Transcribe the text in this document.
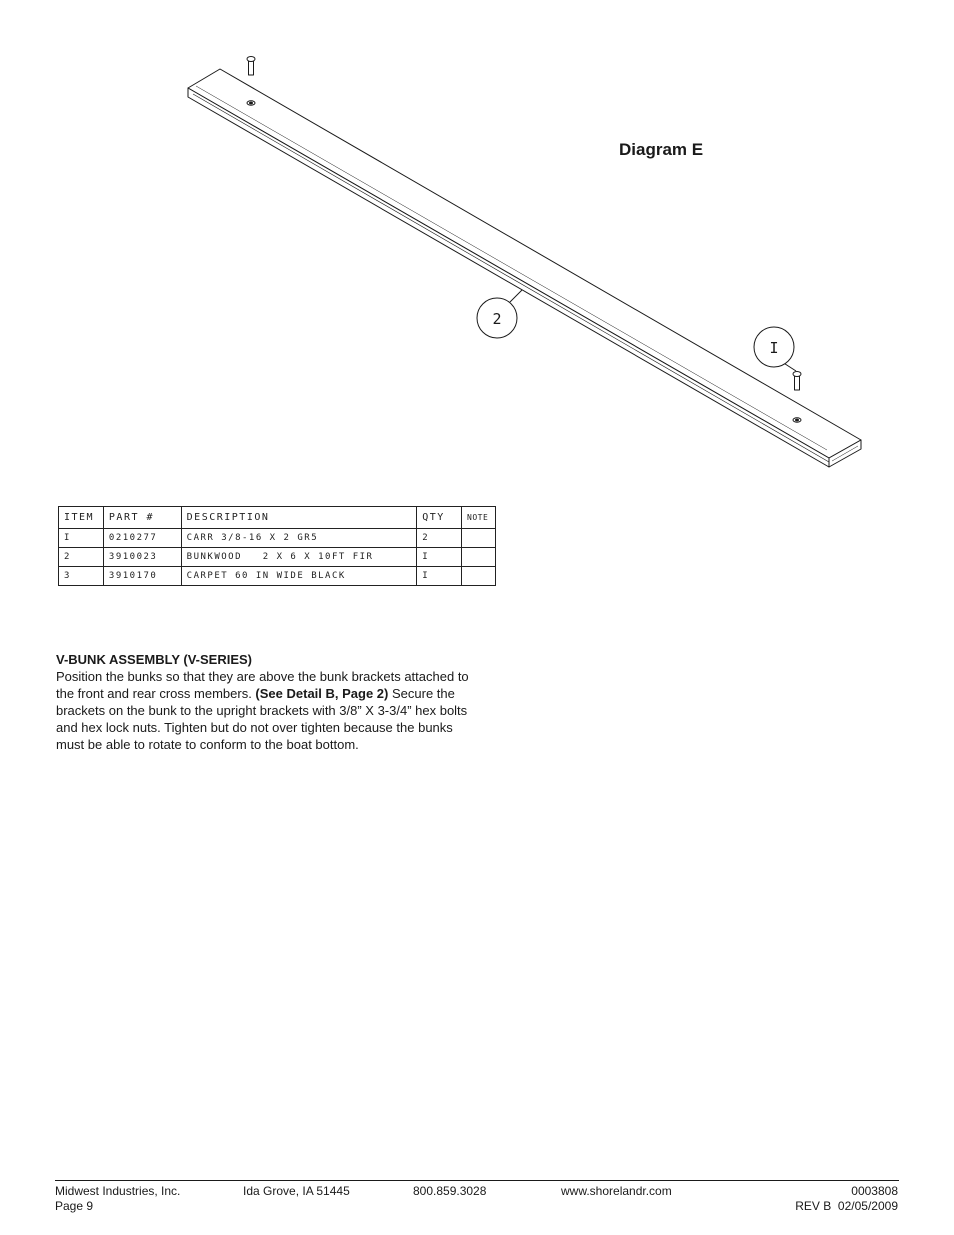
2
I
Diagram E
ITEM	PART #	DESCRIPTION	QTY	NOTE
I	0210277	CARR 3/8-16 X 2 GR5	2	
2	3910023	BUNKWOOD   2 X 6 X 10FT FIR	I	
3	3910170	CARPET 60 IN WIDE BLACK	I	
V-BUNK ASSEMBLY (V-SERIES)

Position the bunks so that they are above the bunk brackets attached to the front and rear cross members. (See Detail B, Page 2) Secure the brackets on the bunk to the upright brackets with 3/8” X 3-3/4” hex bolts and hex lock nuts. Tighten but do not over tighten because the bunks must be able to rotate to conform to the boat bottom.

Midwest Industries, Inc.
Page 9
Ida Grove, IA 51445	800.859.3028	www.shorelandr.com	0003808
REV B  02/05/2009
